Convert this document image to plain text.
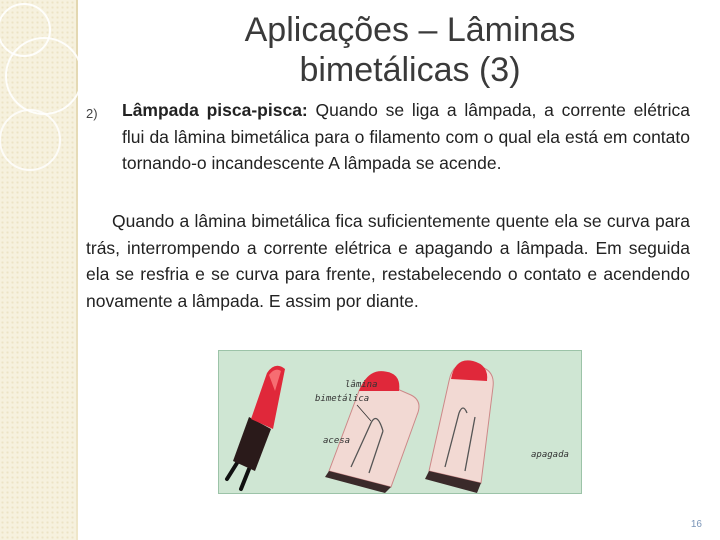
Aplicações – Lâminas bimetálicas (3)
2) Lâmpada pisca-pisca: Quando se liga a lâmpada, a corrente elétrica flui da lâmina bimetálica para o filamento com o qual ela está em contato tornando-o incandescente A lâmpada se acende.

Quando a lâmina bimetálica fica suficientemente quente ela se curva para trás, interrompendo a corrente elétrica e apagando a lâmpada. Em seguida ela se resfria e se curva para frente, restabelecendo o contato e acendendo novamente a lâmpada. E assim por diante.

lâmina
bimetálica
acesa
apagada
16
